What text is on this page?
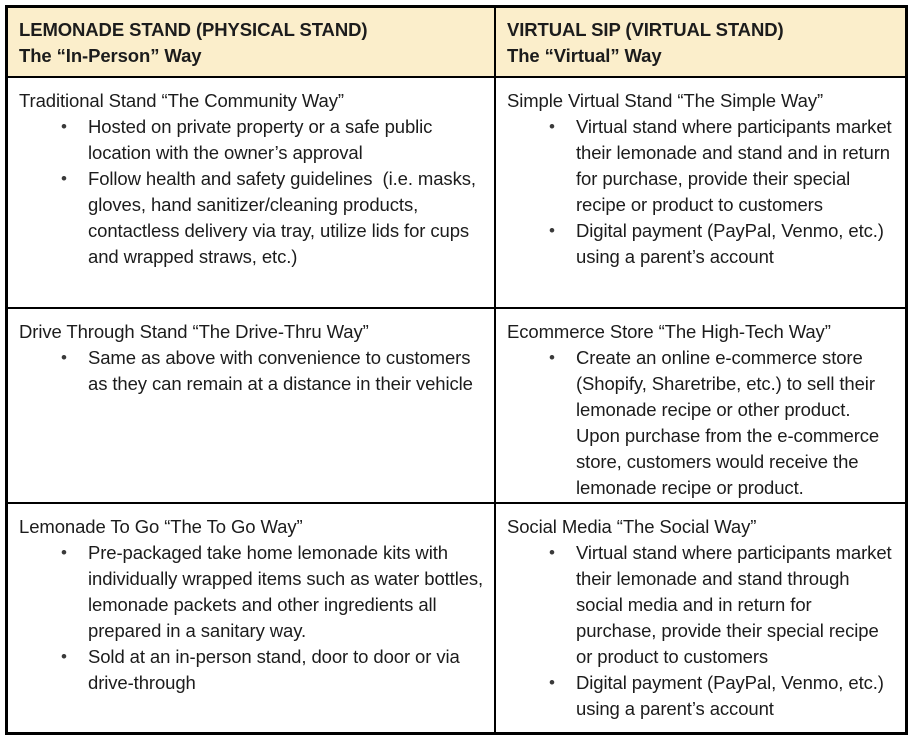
LEMONADE STAND (PHYSICAL STAND)
The “In-Person” Way
VIRTUAL SIP (VIRTUAL STAND)
The “Virtual” Way
Traditional Stand “The Community Way”
• Hosted on private property or a safe public location with the owner’s approval
• Follow health and safety guidelines  (i.e. masks, gloves, hand sanitizer/cleaning products, contactless delivery via tray, utilize lids for cups and wrapped straws, etc.)
Simple Virtual Stand “The Simple Way”
• Virtual stand where participants market their lemonade and stand and in return for purchase, provide their special recipe or product to customers
• Digital payment (PayPal, Venmo, etc.) using a parent’s account
Drive Through Stand “The Drive-Thru Way”
• Same as above with convenience to customers as they can remain at a distance in their vehicle
Ecommerce Store “The High-Tech Way”
• Create an online e-commerce store (Shopify, Sharetribe, etc.) to sell their lemonade recipe or other product. Upon purchase from the e-commerce store, customers would receive the lemonade recipe or product.
Lemonade To Go “The To Go Way”
• Pre-packaged take home lemonade kits with individually wrapped items such as water bottles, lemonade packets and other ingredients all prepared in a sanitary way.
• Sold at an in-person stand, door to door or via drive-through
Social Media “The Social Way”
• Virtual stand where participants market their lemonade and stand through social media and in return for purchase, provide their special recipe or product to customers
• Digital payment (PayPal, Venmo, etc.) using a parent’s account
